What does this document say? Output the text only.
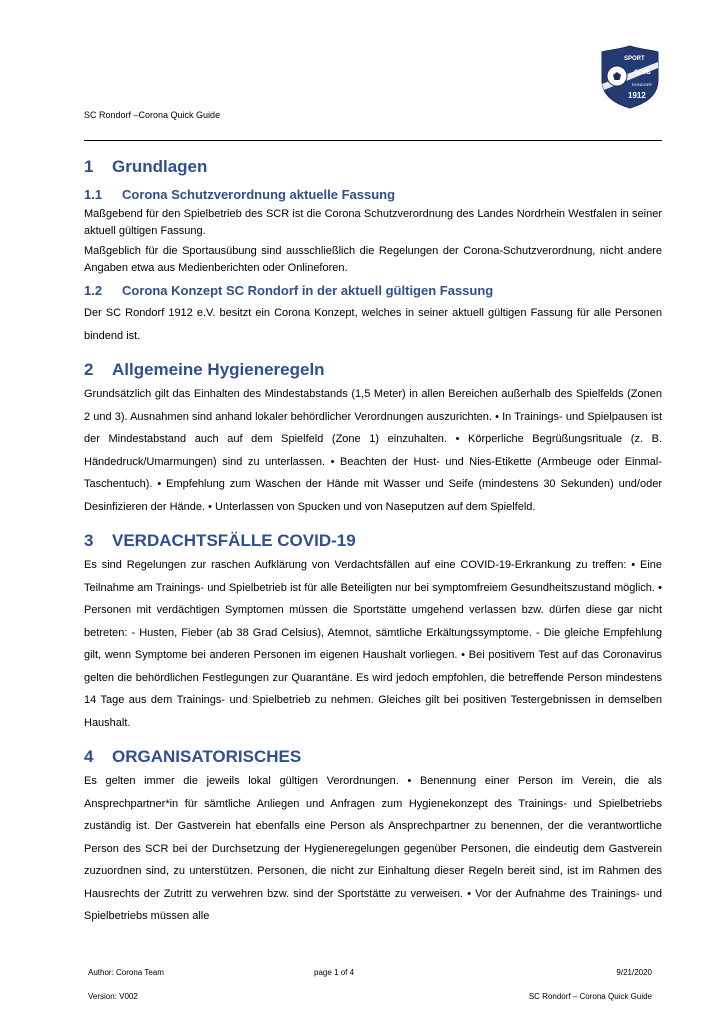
SPORT
CLUB
RONDORF
1912
SC Rondorf –Corona Quick Guide
1 Grundlagen
1.1 Corona Schutzverordnung aktuelle Fassung

Maßgebend für den Spielbetrieb des SCR ist die Corona Schutzverordnung des Landes Nordrhein Westfalen in seiner aktuell gültigen Fassung.

Maßgeblich für die Sportausübung sind ausschließlich die Regelungen der Corona-Schutzverordnung, nicht andere Angaben etwa aus Medienberichten oder Onlineforen.

1.2 Corona Konzept SC Rondorf in der aktuell gültigen Fassung

Der SC Rondorf 1912 e.V. besitzt ein Corona Konzept, welches in seiner aktuell gültigen Fassung für alle Personen bindend ist.

2 Allgemeine Hygieneregeln

Grundsätzlich gilt das Einhalten des Mindestabstands (1,5 Meter) in allen Bereichen außerhalb des Spielfelds (Zonen 2 und 3). Ausnahmen sind anhand lokaler behördlicher Verordnungen auszurichten. • In Trainings- und Spielpausen ist der Mindestabstand auch auf dem Spielfeld (Zone 1) einzuhalten. • Körperliche Begrüßungsrituale (z. B. Händedruck/Umarmungen) sind zu unterlassen. • Beachten der Hust- und Nies-Etikette (Armbeuge oder Einmal-Taschentuch). • Empfehlung zum Waschen der Hände mit Wasser und Seife (mindestens 30 Sekunden) und/oder Desinfizieren der Hände. • Unterlassen von Spucken und von Naseputzen auf dem Spielfeld.

3 VERDACHTSFÄLLE COVID-19

Es sind Regelungen zur raschen Aufklärung von Verdachtsfällen auf eine COVID-19-Erkrankung zu treffen: • Eine Teilnahme am Trainings- und Spielbetrieb ist für alle Beteiligten nur bei symptomfreiem Gesundheitszustand möglich. • Personen mit verdächtigen Symptomen müssen die Sportstätte umgehend verlassen bzw. dürfen diese gar nicht betreten: - Husten, Fieber (ab 38 Grad Celsius), Atemnot, sämtliche Erkältungssymptome. - Die gleiche Empfehlung gilt, wenn Symptome bei anderen Personen im eigenen Haushalt vorliegen. • Bei positivem Test auf das Coronavirus gelten die behördlichen Festlegungen zur Quarantäne. Es wird jedoch empfohlen, die betreffende Person mindestens 14 Tage aus dem Trainings- und Spielbetrieb zu nehmen. Gleiches gilt bei positiven Testergebnissen in demselben Haushalt.

4 ORGANISATORISCHES

Es gelten immer die jeweils lokal gültigen Verordnungen. • Benennung einer Person im Verein, die als Ansprechpartner*in für sämtliche Anliegen und Anfragen zum Hygienekonzept des Trainings- und Spielbetriebs zuständig ist. Der Gastverein hat ebenfalls eine Person als Ansprechpartner zu benennen, der die verantwortliche Person des SCR bei der Durchsetzung der Hygieneregelungen gegenüber Personen, die eindeutig dem Gastverein zuzuordnen sind, zu unterstützen. Personen, die nicht zur Einhaltung dieser Regeln bereit sind, ist im Rahmen des Hausrechts der Zutritt zu verwehren bzw. sind der Sportstätte zu verweisen. • Vor der Aufnahme des Trainings- und Spielbetriebs müssen alle

Author: Corona Team	page 1 of 4	9/21/2020
Version: V002	SC Rondorf – Corona Quick Guide
